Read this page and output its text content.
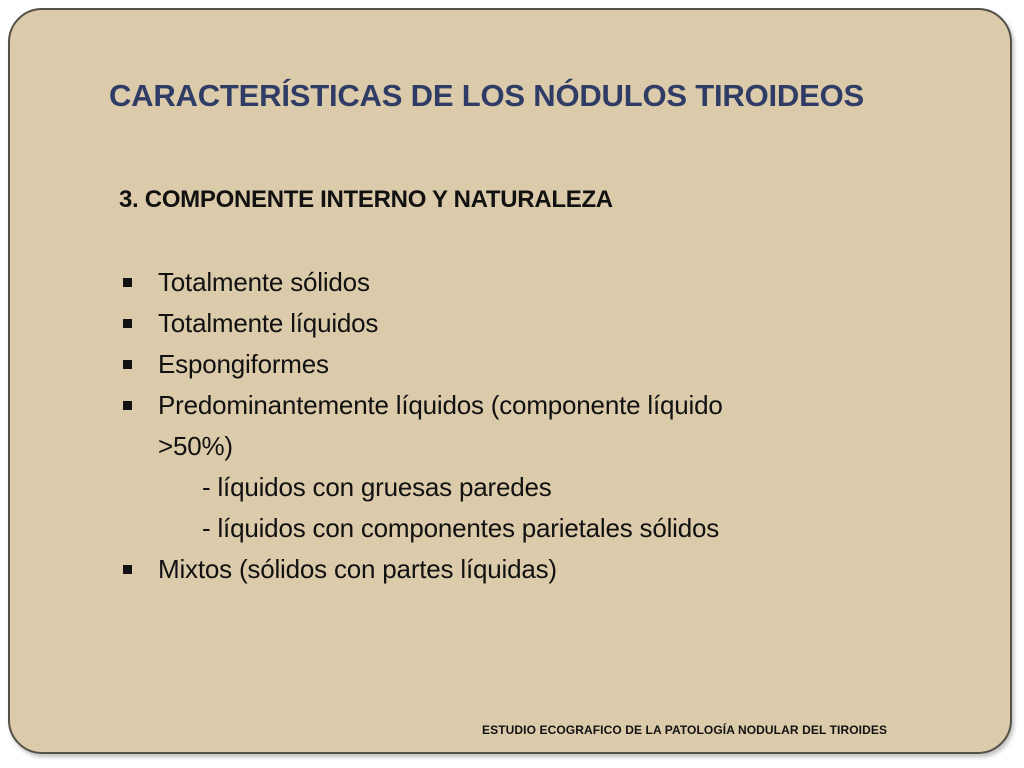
CARACTERÍSTICAS DE LOS NÓDULOS TIROIDEOS
3. COMPONENTE INTERNO Y NATURALEZA
Totalmente sólidos
Totalmente líquidos
Espongiformes
Predominantemente líquidos (componente líquido
>50%)
- líquidos con gruesas paredes
- líquidos con componentes parietales sólidos
Mixtos (sólidos con partes líquidas)

ESTUDIO ECOGRAFICO DE LA PATOLOGÍA NODULAR DEL TIROIDES
